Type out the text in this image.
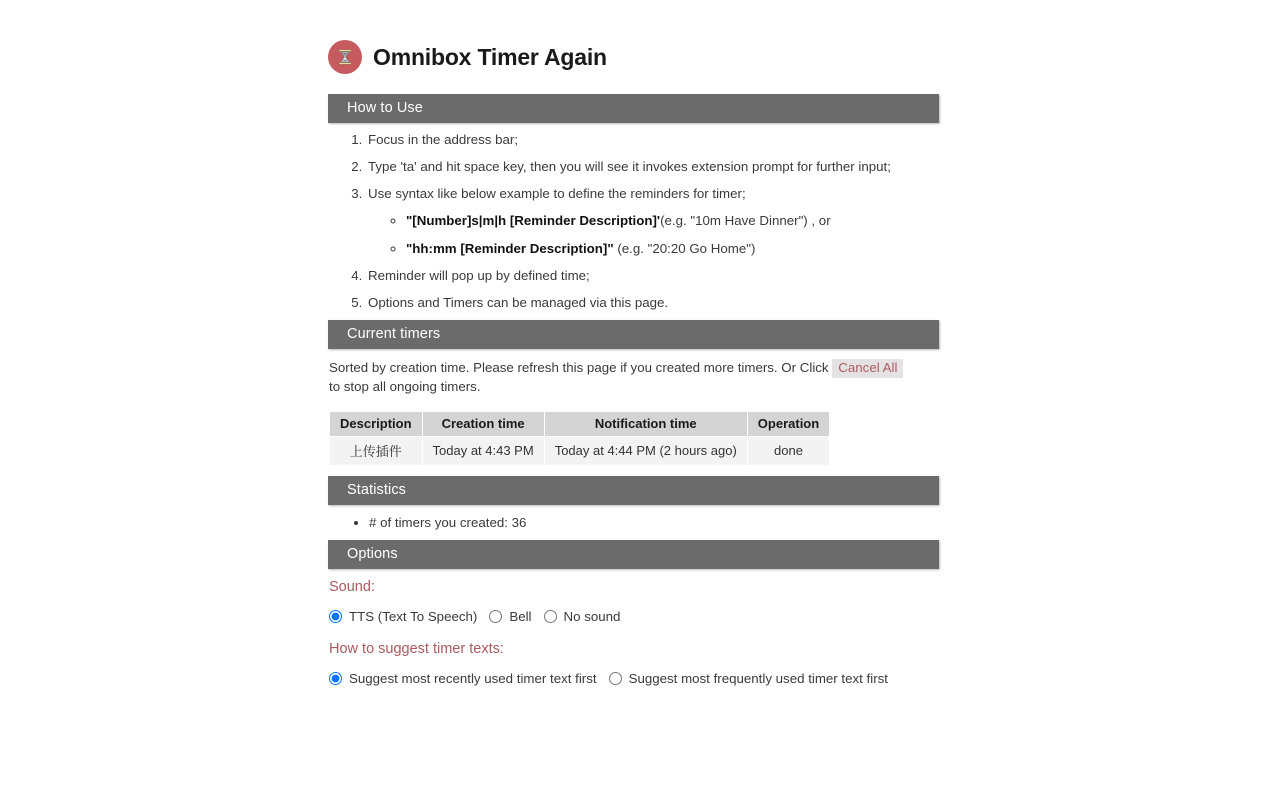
Omnibox Timer Again
How to Use
1. Focus in the address bar;
2. Type 'ta' and hit space key, then you will see it invokes extension prompt for further input;
3. Use syntax like below example to define the reminders for timer;
◦ "[Number]s|m|h [Reminder Description]'(e.g. "10m Have Dinner") , or
◦ "hh:mm [Reminder Description]" (e.g. "20:20 Go Home")
4. Reminder will pop up by defined time;
5. Options and Timers can be managed via this page.
Current timers

Sorted by creation time. Please refresh this page if you created more timers. Or Click Cancel All to stop all ongoing timers.

Description	Creation time	Notification time	Operation
上传插件	Today at 4:43 PM	Today at 4:44 PM (2 hours ago)	done
Statistics
• # of timers you created: 36
Options
Sound:
TTS (Text To Speech) Bell No sound
How to suggest timer texts:
Suggest most recently used timer text first Suggest most frequently used timer text first
